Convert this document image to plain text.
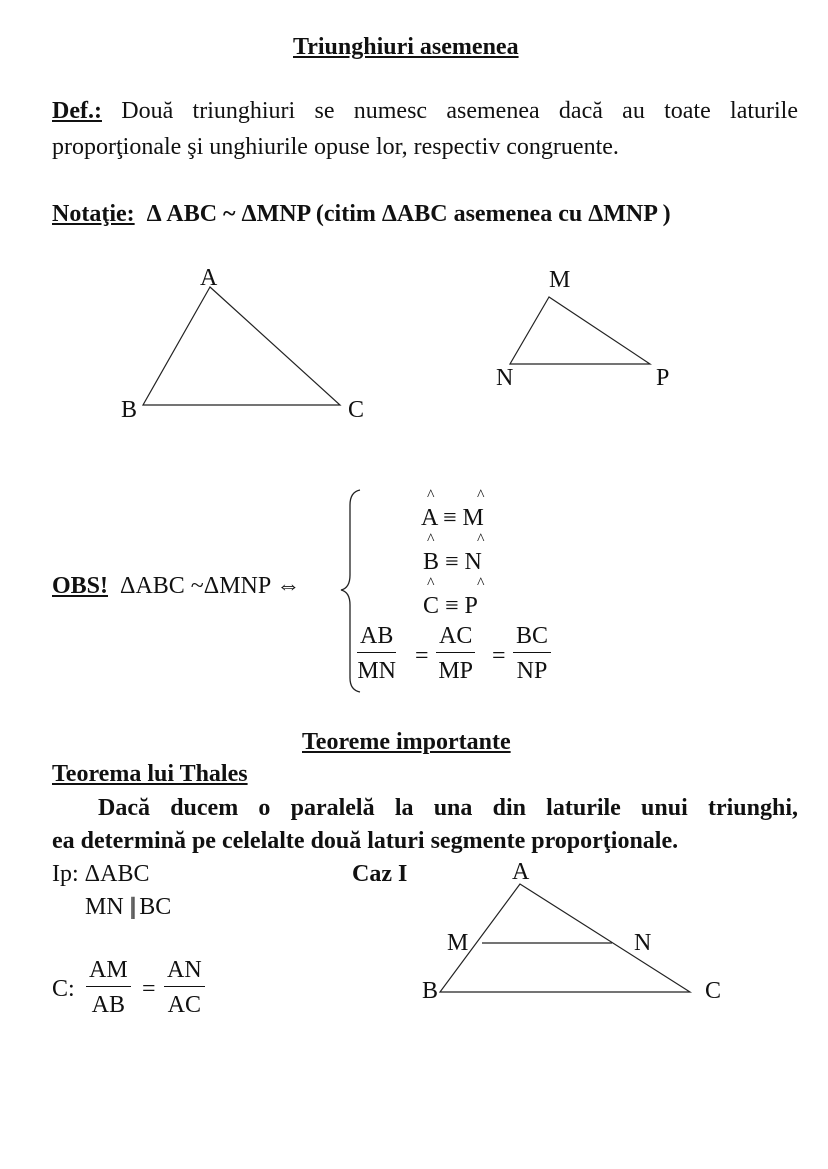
Triunghiuri asemenea
Def.: Două triunghiuri se numesc asemenea dacă au toate laturile
proporţionale şi unghiurile opuse lor, respectiv congruente.
Notaţie: Δ ABC ~ ΔMNP (citim ΔABC asemenea cu ΔMNP )
A
B	C
M
N	P
OBS! ΔABC ~ΔMNP ⇔
^	^
A ≡ M
^	^
B ≡ N
^	^
C ≡ P
$\frac{AB}{MN} = \frac{AC}{MP} = \frac{BC}{NP}$
Teoreme importante
Teorema lui Thales
Dacă ducem o paralelă la una din laturile unui triunghi,
ea determină pe celelalte două laturi segmente proporţionale.
Ip: ΔABC
MN || BC
C: $\frac{AM}{AB} = \frac{AN}{AC}$
Caz I	A
M	N
B	C
